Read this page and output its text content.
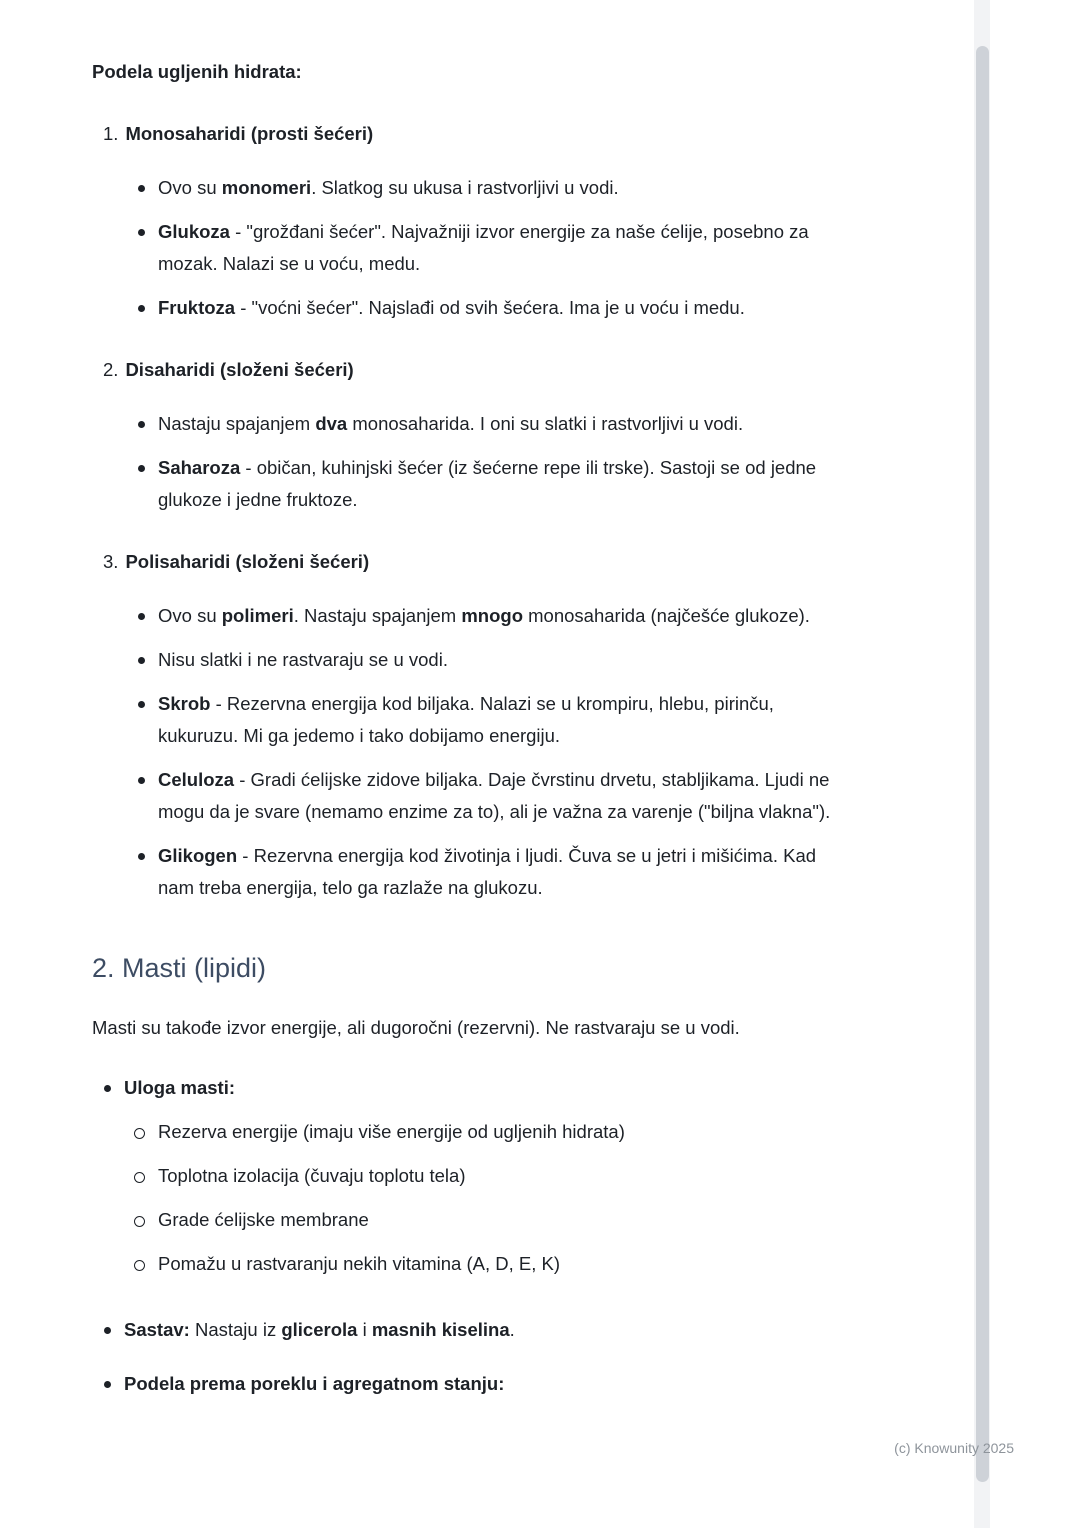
Podela ugljenih hidrata:

1. Monosaharidi (prosti šećeri)
Ovo su monomeri. Slatkog su ukusa i rastvorljivi u vodi.
Glukoza - "grožđani šećer". Najvažniji izvor energije za naše ćelije, posebno za mozak. Nalazi se u voću, medu.
Fruktoza - "voćni šećer". Najslađi od svih šećera. Ima je u voću i medu.
2. Disaharidi (složeni šećeri)
Nastaju spajanjem dva monosaharida. I oni su slatki i rastvorljivi u vodi.
Saharoza - običan, kuhinjski šećer (iz šećerne repe ili trske). Sastoji se od jedne glukoze i jedne fruktoze.
3. Polisaharidi (složeni šećeri)
Ovo su polimeri. Nastaju spajanjem mnogo monosaharida (najčešće glukoze).
Nisu slatki i ne rastvaraju se u vodi.
Skrob - Rezervna energija kod biljaka. Nalazi se u krompiru, hlebu, pirinču, kukuruzu. Mi ga jedemo i tako dobijamo energiju.
Celuloza - Gradi ćelijske zidove biljaka. Daje čvrstinu drvetu, stabljikama. Ljudi ne mogu da je svare (nemamo enzime za to), ali je važna za varenje ("biljna vlakna").
Glikogen - Rezervna energija kod životinja i ljudi. Čuva se u jetri i mišićima. Kad nam treba energija, telo ga razlaže na glukozu.
2. Masti (lipidi)

Masti su takođe izvor energije, ali dugoročni (rezervni). Ne rastvaraju se u vodi.

Uloga masti:
Rezerva energije (imaju više energije od ugljenih hidrata)
Toplotna izolacija (čuvaju toplotu tela)
Grade ćelijske membrane
Pomažu u rastvaranju nekih vitamina (A, D, E, K)
Sastav: Nastaju iz glicerola i masnih kiselina.
Podela prema poreklu i agregatnom stanju:
(c) Knowunity 2025
